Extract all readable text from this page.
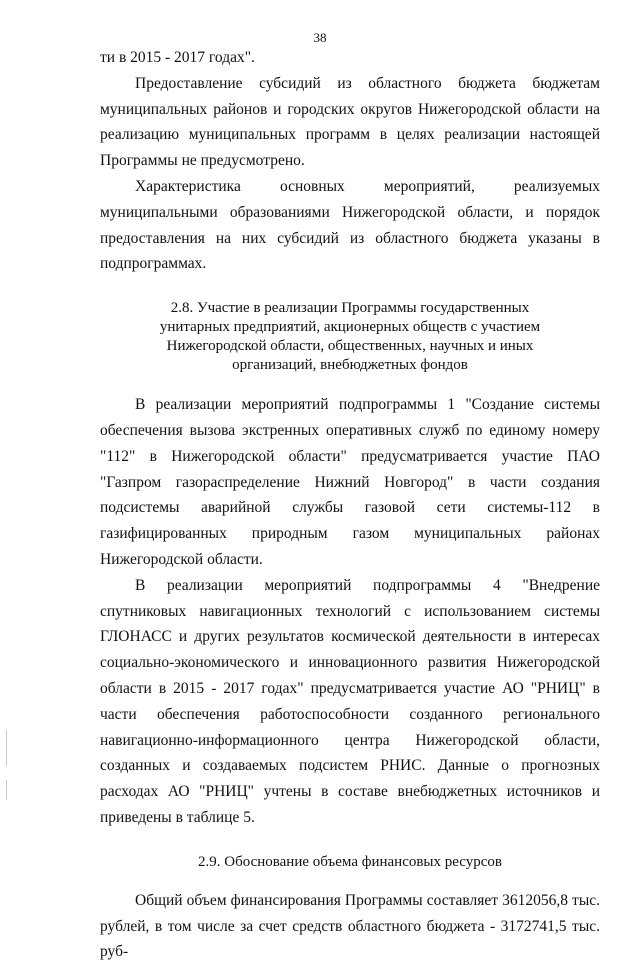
38

ти в 2015 - 2017 годах".

Предоставление субсидий из областного бюджета бюджетам муниципальных районов и городских округов Нижегородской области на реализацию муниципальных программ в целях реализации настоящей Программы не предусмотрено.

Характеристика основных мероприятий, реализуемых муниципальными образованиями Нижегородской области, и порядок предоставления на них субсидий из областного бюджета указаны в подпрограммах.

2.8. Участие в реализации Программы государственных унитарных предприятий, акционерных обществ с участием Нижегородской области, общественных, научных и иных организаций, внебюджетных фондов

В реализации мероприятий подпрограммы 1 "Создание системы обеспечения вызова экстренных оперативных служб по единому номеру "112" в Нижегородской области" предусматривается участие ПАО "Газпром газораспределение Нижний Новгород" в части создания подсистемы аварийной службы газовой сети системы-112 в газифицированных природным газом муниципальных районах Нижегородской области.

В реализации мероприятий подпрограммы 4 "Внедрение спутниковых навигационных технологий с использованием системы ГЛОНАСС и других результатов космической деятельности в интересах социально-экономического и инновационного развития Нижегородской области в 2015 - 2017 годах" предусматривается участие АО "РНИЦ" в части обеспечения работоспособности созданного регионального навигационно-информационного центра Нижегородской области, созданных и создаваемых подсистем РНИС. Данные о прогнозных расходах АО "РНИЦ" учтены в составе внебюджетных источников и приведены в таблице 5.

2.9. Обоснование объема финансовых ресурсов

Общий объем финансирования Программы составляет 3612056,8 тыс. рублей, в том числе за счет средств областного бюджета - 3172741,5 тыс. руб-
